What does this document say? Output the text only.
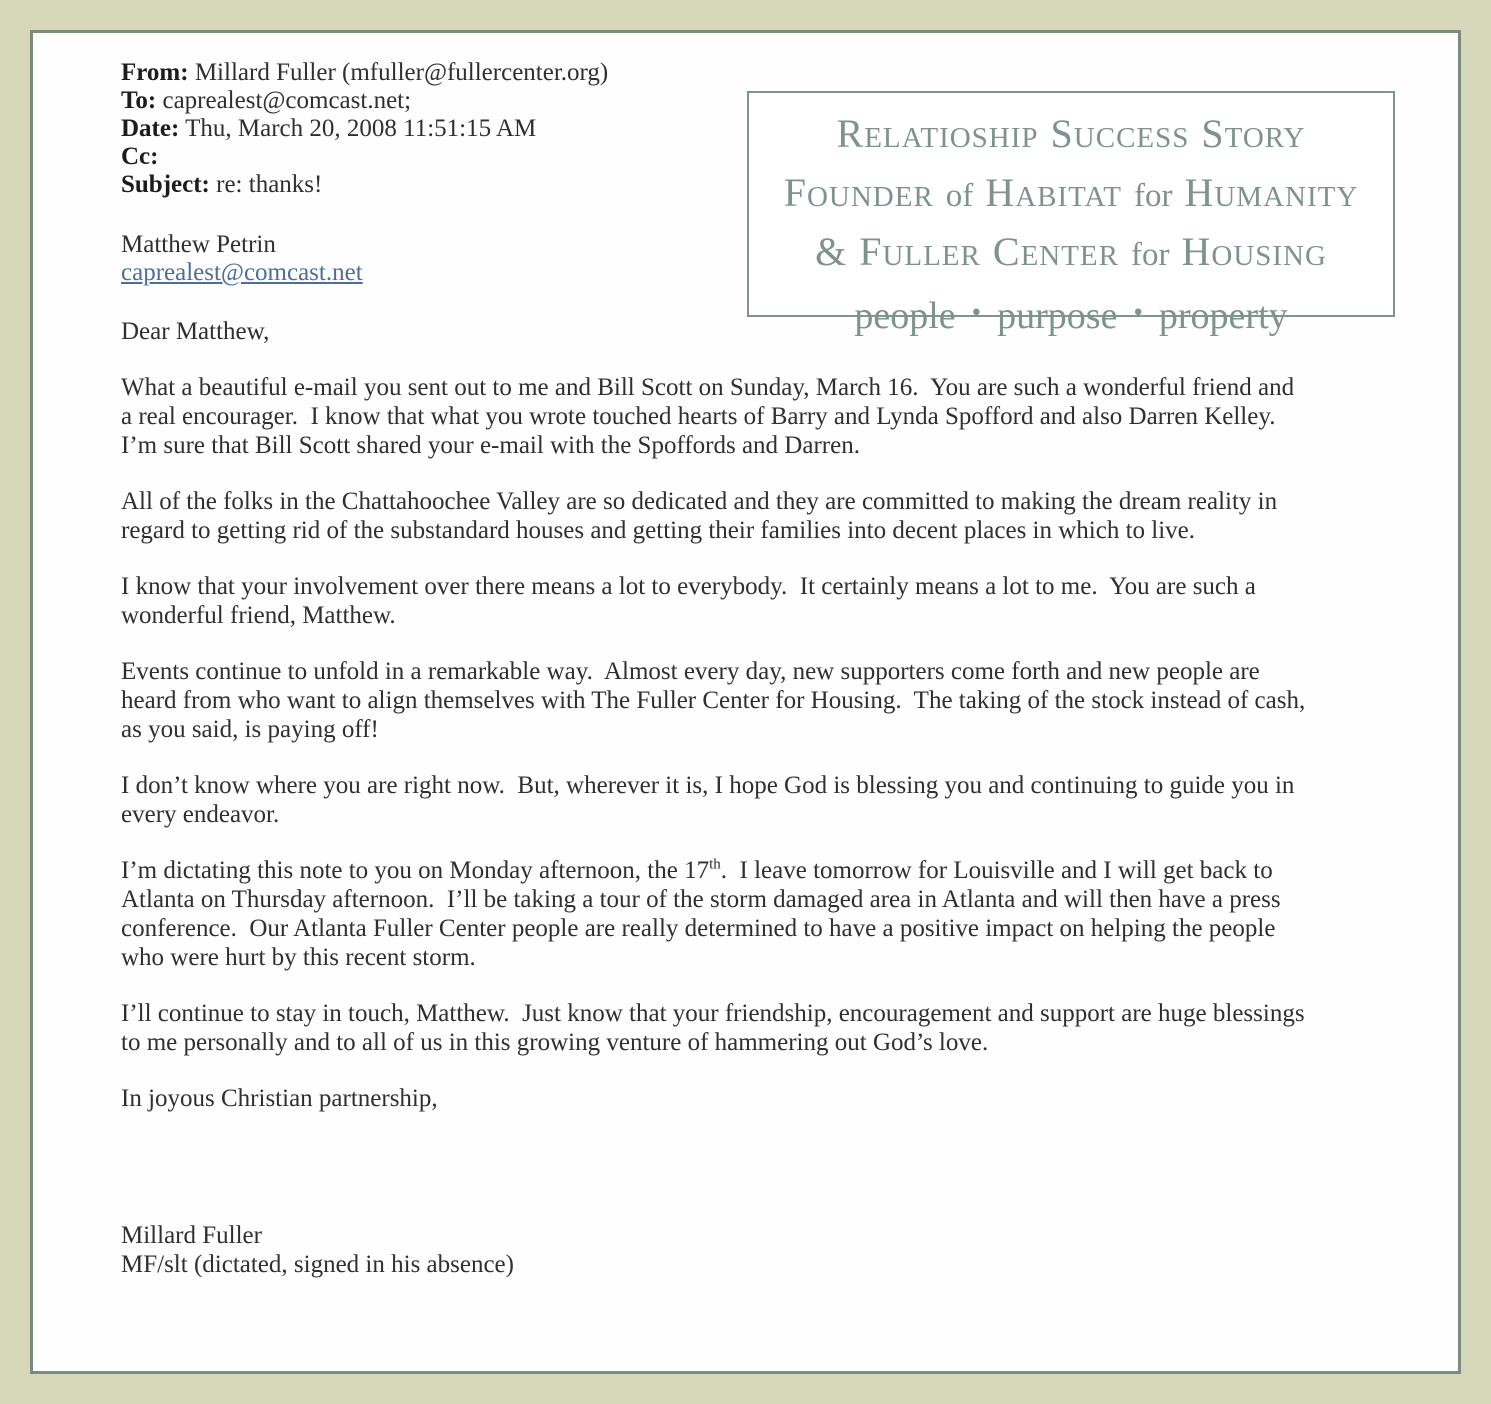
RELATIOSHIP SUCCESS STORY
FOUNDER of HABITAT for HUMANITY
& FULLER CENTER for HOUSING
people • purpose • property
From: Millard Fuller (mfuller@fullercenter.org)
To: caprealest@comcast.net;
Date: Thu, March 20, 2008 11:51:15 AM
Cc:
Subject: re: thanks!
Matthew Petrin
caprealest@comcast.net
Dear Matthew,

What a beautiful e-mail you sent out to me and Bill Scott on Sunday, March 16.  You are such a wonderful friend and a real encourager.  I know that what you wrote touched hearts of Barry and Lynda Spofford and also Darren Kelley.  I’m sure that Bill Scott shared your e-mail with the Spoffords and Darren.

All of the folks in the Chattahoochee Valley are so dedicated and they are committed to making the dream reality in regard to getting rid of the substandard houses and getting their families into decent places in which to live.

I know that your involvement over there means a lot to everybody.  It certainly means a lot to me.  You are such a wonderful friend, Matthew.

Events continue to unfold in a remarkable way.  Almost every day, new supporters come forth and new people are heard from who want to align themselves with The Fuller Center for Housing.  The taking of the stock instead of cash, as you said, is paying off!

I don’t know where you are right now.  But, wherever it is, I hope God is blessing you and continuing to guide you in every endeavor.

I’m dictating this note to you on Monday afternoon, the 17th.  I leave tomorrow for Louisville and I will get back to Atlanta on Thursday afternoon.  I’ll be taking a tour of the storm damaged area in Atlanta and will then have a press conference.  Our Atlanta Fuller Center people are really determined to have a positive impact on helping the people who were hurt by this recent storm.

I’ll continue to stay in touch, Matthew.  Just know that your friendship, encouragement and support are huge blessings to me personally and to all of us in this growing venture of hammering out God’s love.

In joyous Christian partnership,
Millard Fuller
MF/slt (dictated, signed in his absence)
